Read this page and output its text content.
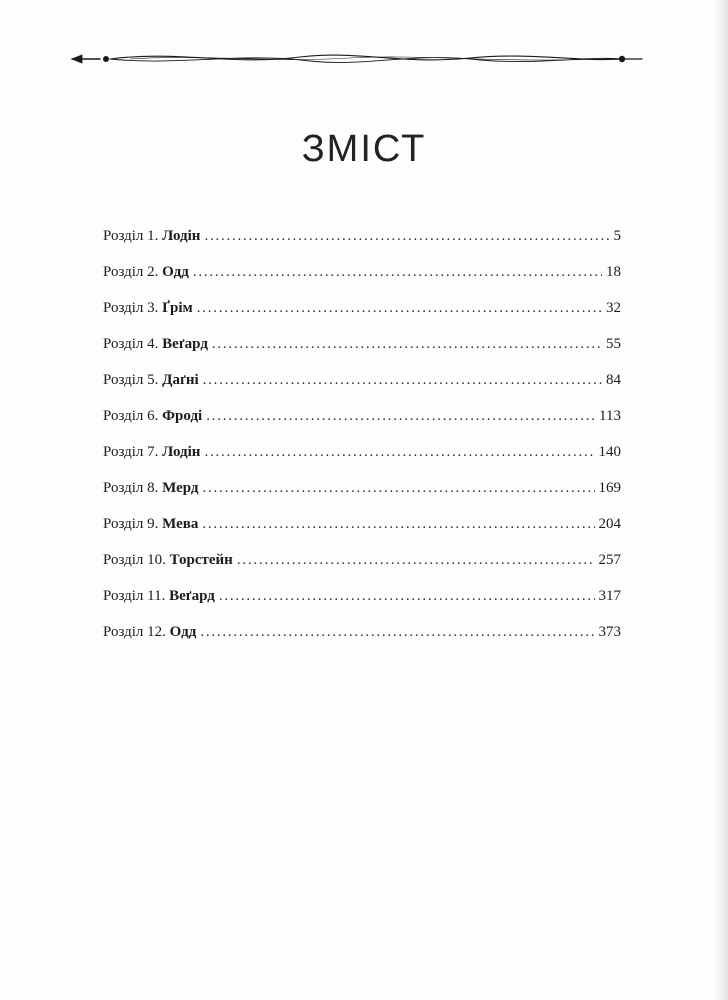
ЗМІСТ
Розділ 1. Лодін . . .	5
Розділ 2. Одд . . .	18
Розділ 3. Ґрім . . .	32
Розділ 4. Веґард . . .	55
Розділ 5. Даґні . . .	84
Розділ 6. Фроді . . .	113
Розділ 7. Лодін . . .	140
Розділ 8. Мерд . . .	169
Розділ 9. Мева . . .	204
Розділ 10. Торстейн . . .	257
Розділ 11. Веґард . . .	317
Розділ 12. Одд . . .	373
